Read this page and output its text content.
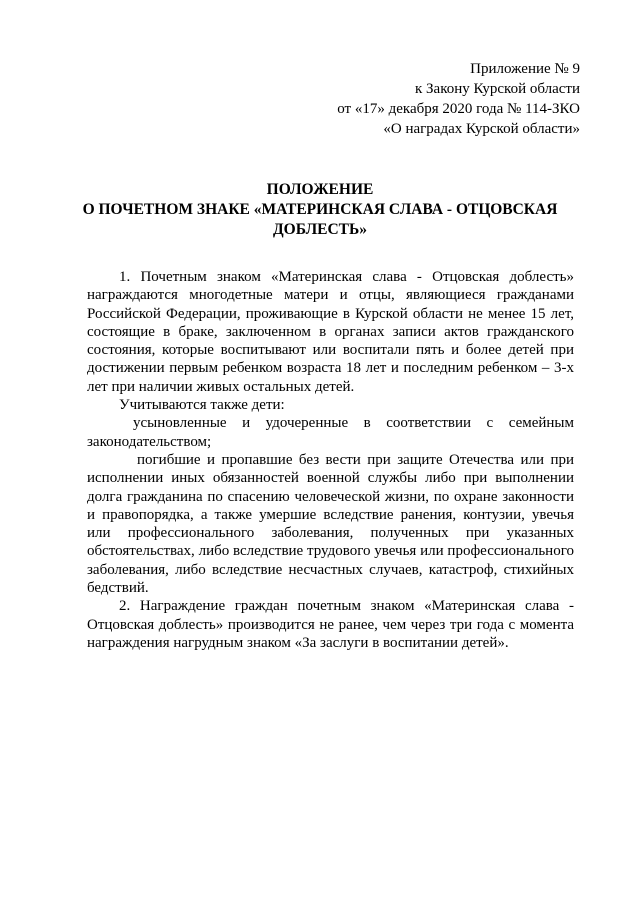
Приложение № 9
к Закону Курской области
от «17» декабря 2020 года № 114-ЗКО
«О наградах Курской области»
ПОЛОЖЕНИЕ
О ПОЧЕТНОМ ЗНАКЕ «МАТЕРИНСКАЯ СЛАВА - ОТЦОВСКАЯ
ДОБЛЕСТЬ»

1. Почетным знаком «Материнская слава - Отцовская доблесть» награждаются многодетные матери и отцы, являющиеся гражданами Российской Федерации, проживающие в Курской области не менее 15 лет, состоящие в браке, заключенном в органах записи актов гражданского состояния, которые воспитывают или воспитали пять и более детей при достижении первым ребенком возраста 18 лет и последним ребенком – 3-х лет при наличии живых остальных детей.

Учитываются также дети:

усыновленные и удочеренные в соответствии с семейным законодательством;

погибшие и пропавшие без вести при защите Отечества или при исполнении иных обязанностей военной службы либо при выполнении долга гражданина по спасению человеческой жизни, по охране законности и правопорядка, а также умершие вследствие ранения, контузии, увечья или профессионального заболевания, полученных при указанных обстоятельствах, либо вследствие трудового увечья или профессионального заболевания, либо вследствие несчастных случаев, катастроф, стихийных бедствий.

2. Награждение граждан почетным знаком «Материнская слава - Отцовская доблесть» производится не ранее, чем через три года с момента награждения нагрудным знаком «За заслуги в воспитании детей».
